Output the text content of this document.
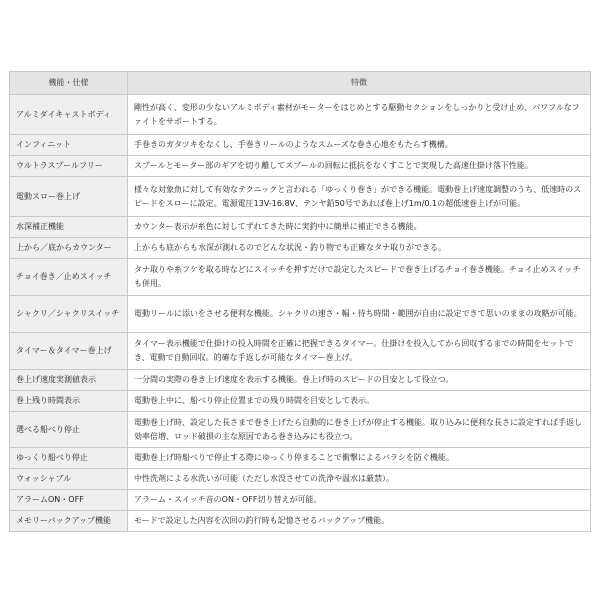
機能・仕様	特徴
アルミダイキャストボディ	剛性が高く、変形の少ないアルミボディ素材がモーターをはじめとする駆動セクションをしっかりと受け止め、パワフルなファイトをサポートする。
インフィニット	手巻きのガタツキをなくし、手巻きリールのようなスムーズな巻き心地をもたらす機構。
ウルトラスプールフリー	スプールとモーター部のギアを切り離してスプールの回転に抵抗をなくすことで実現した高速仕掛け落下性能。
電動スロー巻上げ	様々な対象魚に対して有効なテクニックと言われる「ゆっくり巻き」ができる機能。電動巻上げ速度調整のうち、低速時のスピードをスローに設定。電源電圧13V-16.8V、テンヤ鉛50号であれば巻上げ1m/0.1の超低速巻上げが可能。
水深補正機能	カウンター表示が糸色に対してずれてきた時に実釣中に簡単に補正できる機能。
上から／底からカウンター	上からも底からも水深が測れるのでどんな状況・釣り物でも正確なタナ取りができる。
チョイ巻き／止めスイッチ	タナ取りや糸フケを取る時などにスイッチを押すだけで設定したスピードで巻き上げるチョイ巻き機能。チョイ止めスイッチも併用。
シャクリ／シャクリスイッチ	電動リールに添いをさせる便利な機能。シャクリの速さ・幅・待ち時間・範囲が自由に設定できて思いのままの攻略が可能。
タイマー＆タイマー巻上げ	タイマー表示機能で仕掛けの投入時間を正確に把握できるタイマー。仕掛けを投入してから回収するまでの時間をセットでき、電動で自動回収。的確な手返しが可能なタイマー巻上げ。
巻上げ速度実測値表示	一分間の実際の巻き上げ速度を表示する機能。巻上げ時のスピードの目安として役立つ。
巻上残り時間表示	電動巻上中に、船べり停止位置までの残り時間を目安として表示。
選べる船べり停止	電動巻上げ時、設定した長さまで巻き上げたら自動的に巻き上げが停止する機能。取り込みに便利な長さに設定すれば手返し効率倍増、ロッド破損の主な原因である巻き込みにも役立つ。
ゆっくり船べり停止	電動巻上げ時船べりで停止する際にゆっくり停まることで衝撃によるバラシを防ぐ機能。
ウォッシャブル	中性洗剤による水洗いが可能（ただし水没させての洗浄や温水は厳禁）。
アラームON・OFF	アラーム・スイッチ音のON・OFF切り替えが可能。
メモリーバックアップ機能	モードで設定した内容を次回の釣行時も記憶させるバックアップ機能。
